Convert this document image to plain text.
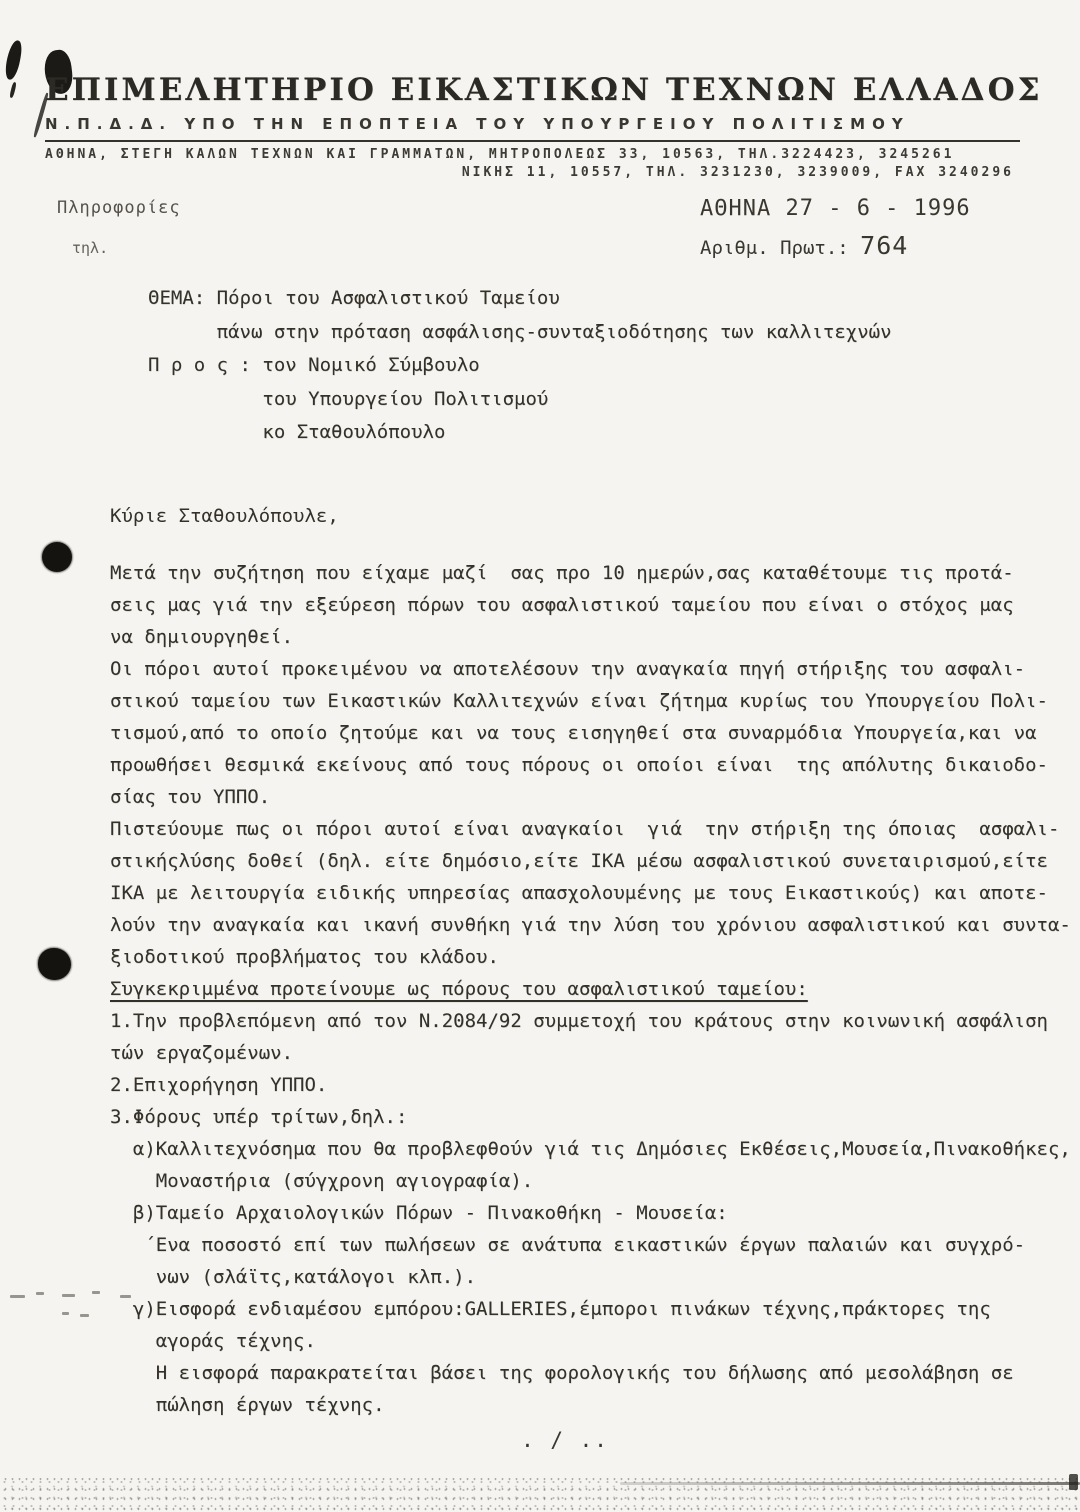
ΕΠΙΜΕΛΗΤΗΡΙΟ ΕΙΚΑΣΤΙΚΩΝ ΤΕΧΝΩΝ ΕΛΛΑΔΟΣ
Ν.Π.Δ.Δ. ΥΠΟ ΤΗΝ ΕΠΟΠΤΕΙΑ ΤΟΥ ΥΠΟΥΡΓΕΙΟΥ ΠΟΛΙΤΙΣΜΟΥ
ΑΘΗΝΑ, ΣΤΕΓΗ ΚΑΛΩΝ ΤΕΧΝΩΝ ΚΑΙ ΓΡΑΜΜΑΤΩΝ, ΜΗΤΡΟΠΟΛΕΩΣ 33, 10563, ΤΗΛ.3224423, 3245261
ΝΙΚΗΣ 11, 10557, ΤΗΛ. 3231230, 3239009, FAX 3240296
Πληροφορίες
τηλ.
ΑΘΗΝΑ 27 - 6 - 1996
Αριθμ. Πρωτ.: 764
ΘΕΜΑ: Πόροι του Ασφαλιστικού Ταμείου
πάνω στην πρόταση ασφάλισης-συνταξιοδότησης των καλλιτεχνών
Π ρ ο ς : τον Νομικό Σύμβουλο
του Υπουργείου Πολιτισμού
κο Σταθουλόπουλο
Κύριε Σταθουλόπουλε,
Μετά την συζήτηση που είχαμε μαζί  σας προ 10 ημερών,σας καταθέτουμε τις προτά-
σεις μας γιά την εξεύρεση πόρων του ασφαλιστικού ταμείου που είναι ο στόχος μας
να δημιουργηθεί.
Οι πόροι αυτοί προκειμένου να αποτελέσουν την αναγκαία πηγή στήριξης του ασφαλι-
στικού ταμείου των Εικαστικών Καλλιτεχνών είναι ζήτημα κυρίως του Υπουργείου Πολι-
τισμού,από το οποίο ζητούμε και να τους εισηγηθεί στα συναρμόδια Υπουργεία,και να
προωθήσει θεσμικά εκείνους από τους πόρους οι οποίοι είναι  της απόλυτης δικαιοδο-
σίας του ΥΠΠΟ.
Πιστεύουμε πως οι πόροι αυτοί είναι αναγκαίοι  γιά  την στήριξη της όποιας  ασφαλι-
στικήςλύσης δοθεί (δηλ. είτε δημόσιο,είτε ΙΚΑ μέσω ασφαλιστικού συνεταιρισμού,είτε
ΙΚΑ με λειτουργία ειδικής υπηρεσίας απασχολουμένης με τους Εικαστικούς) και αποτε-
λούν την αναγκαία και ικανή συνθήκη γιά την λύση του χρόνιου ασφαλιστικού και συντα-
ξιοδοτικού προβλήματος του κλάδου.
Συγκεκριμμένα προτείνουμε ως πόρους του ασφαλιστικού ταμείου:
1.Την προβλεπόμενη από τον Ν.2084/92 συμμετοχή του κράτους στην κοινωνική ασφάλιση
τών εργαζομένων.
2.Επιχορήγηση ΥΠΠΟ.
3.Φόρους υπέρ τρίτων,δηλ.:
α)Καλλιτεχνόσημα που θα προβλεφθούν γιά τις Δημόσιες Εκθέσεις,Μουσεία,Πινακοθήκες,
Μοναστήρια (σύγχρονη αγιογραφία).
β)Ταμείο Αρχαιολογικών Πόρων - Πινακοθήκη - Μουσεία:
΄Ενα ποσοστό επί των πωλήσεων σε ανάτυπα εικαστικών έργων παλαιών και συγχρό-
νων (σλάϊτς,κατάλογοι κλπ.).
γ)Εισφορά ενδιαμέσου εμπόρου:GALLERIES,έμποροι πινάκων τέχνης,πράκτορες της
αγοράς τέχνης.
Η εισφορά παρακρατείται βάσει της φορολογικής του δήλωσης από μεσολάβηση σε
πώληση έργων τέχνης.
. / ..
